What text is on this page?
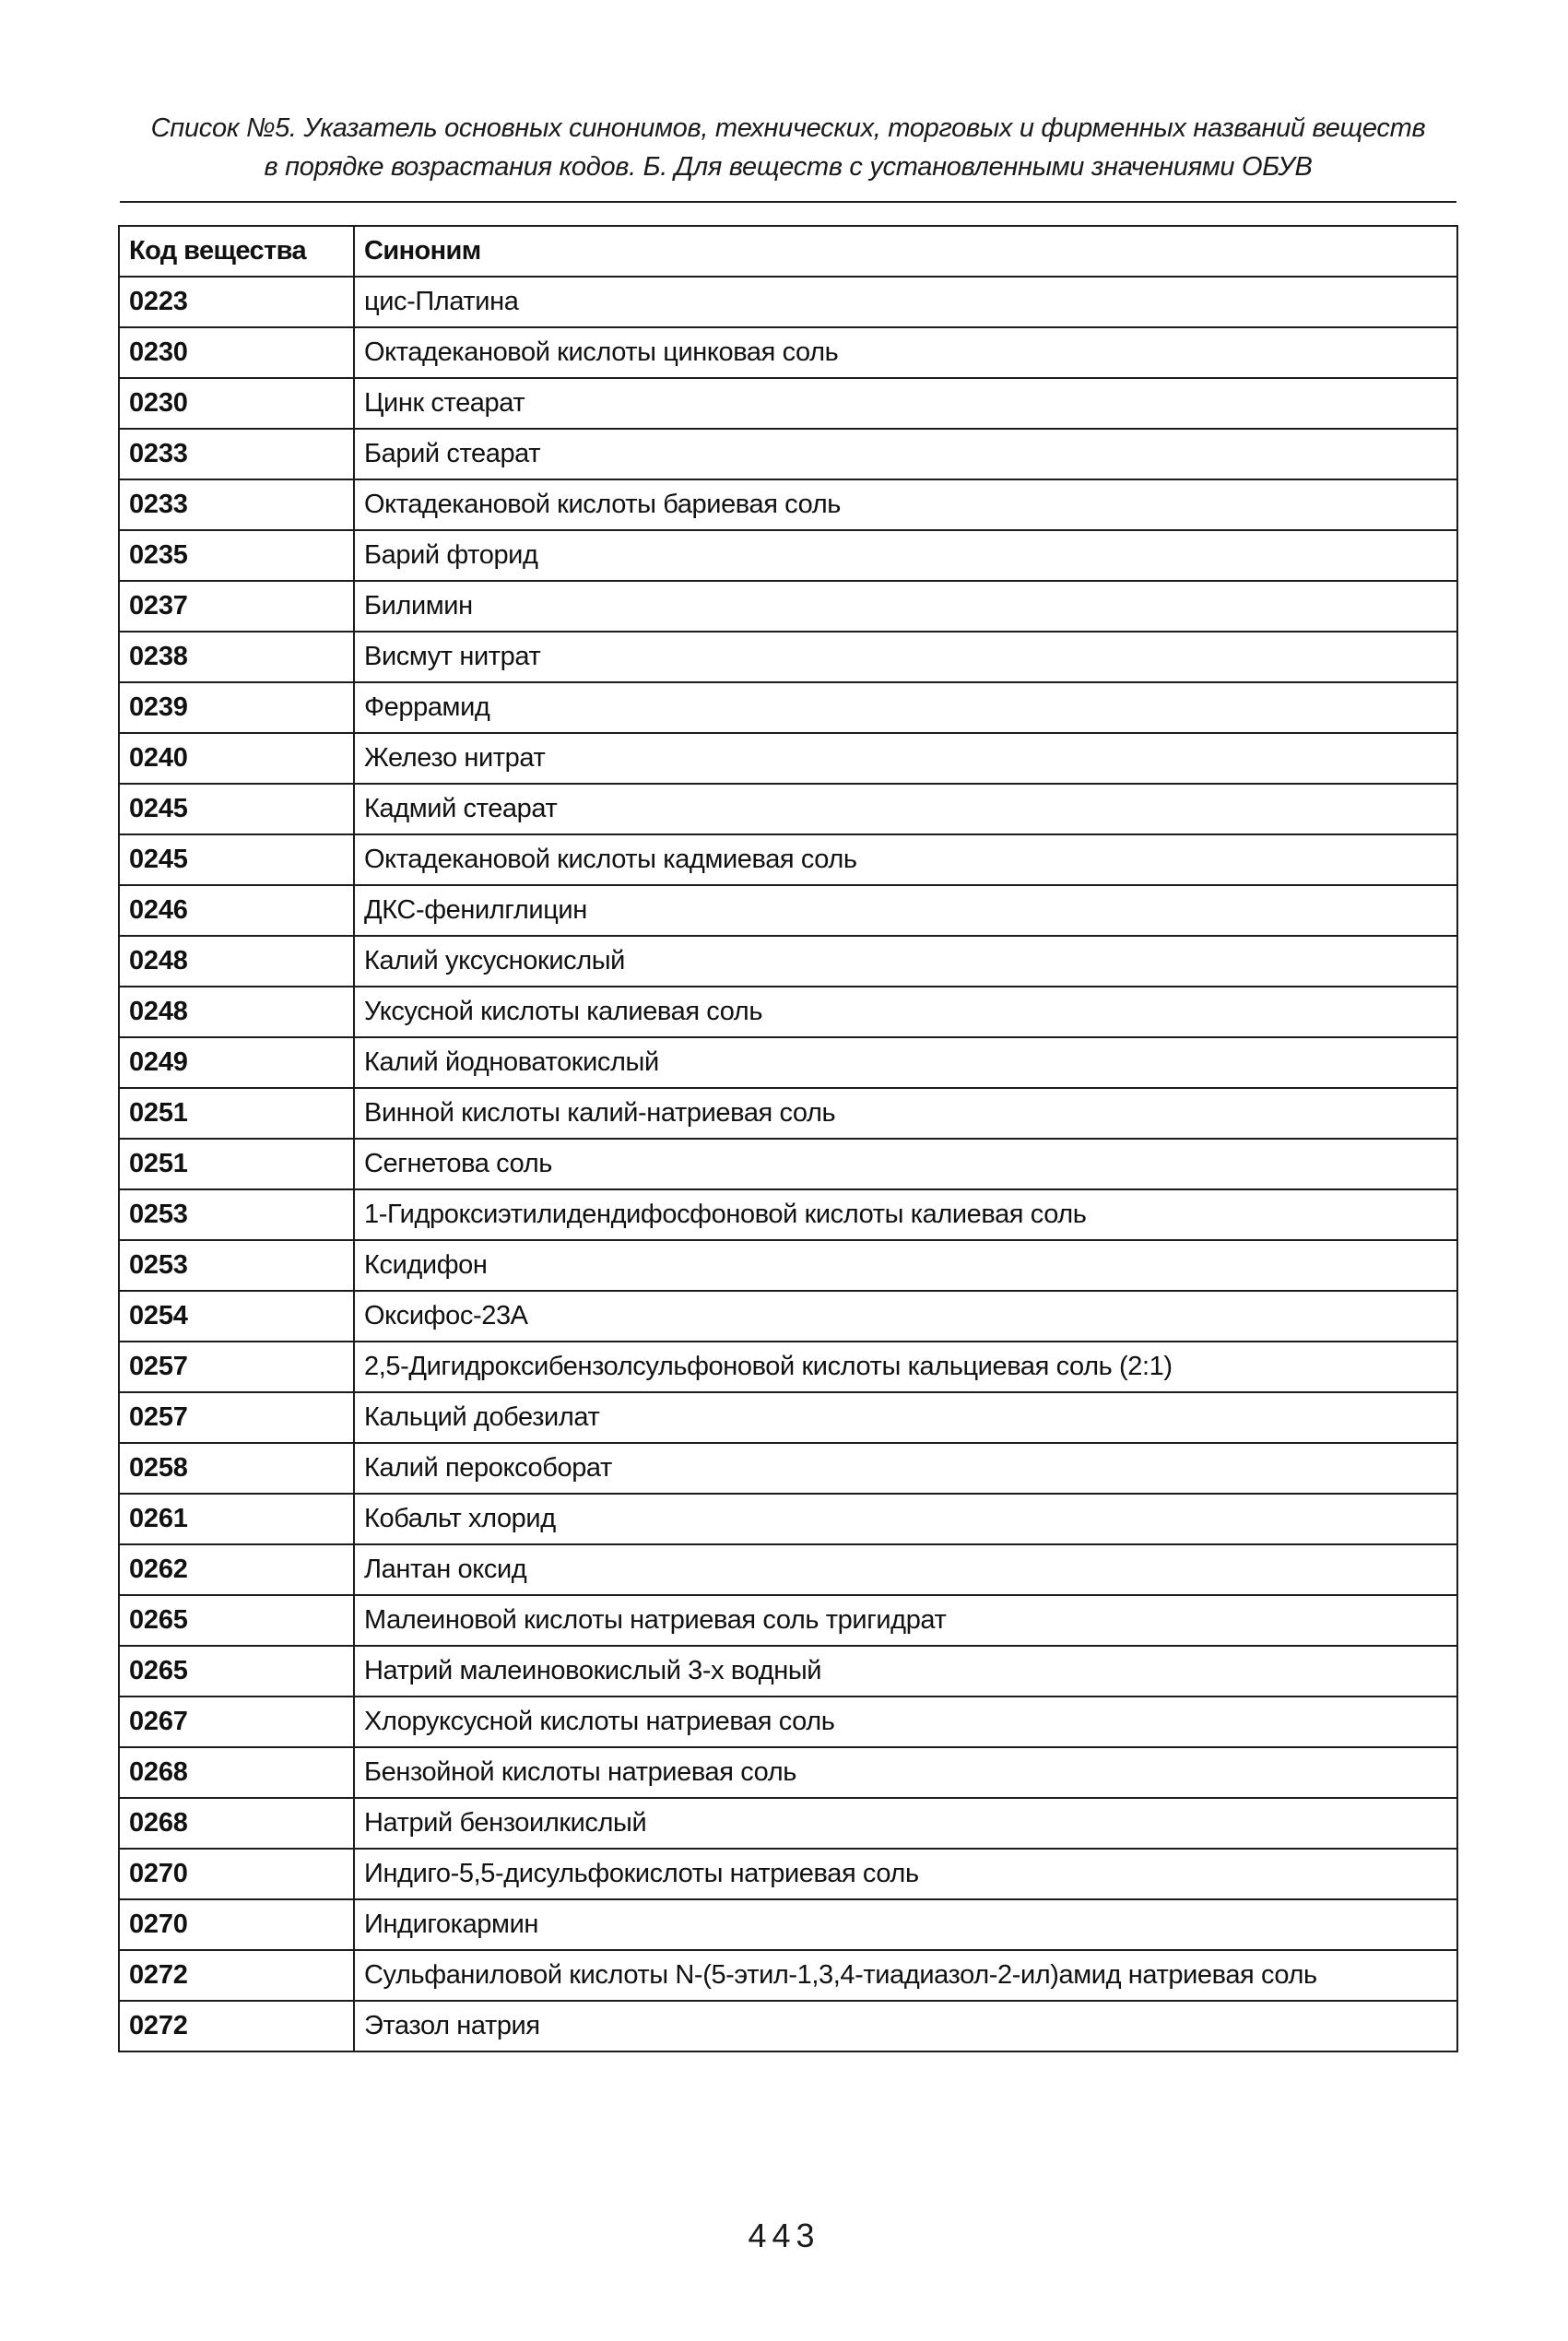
Список №5. Указатель основных синонимов, технических, торговых и фирменных названий веществ
в порядке возрастания кодов. Б. Для веществ с установленными значениями ОБУВ
Код вещества	Синоним
0223	цис-Платина
0230	Октадекановой кислоты цинковая соль
0230	Цинк стеарат
0233	Барий стеарат
0233	Октадекановой кислоты бариевая соль
0235	Барий фторид
0237	Билимин
0238	Висмут нитрат
0239	Феррамид
0240	Железо нитрат
0245	Кадмий стеарат
0245	Октадекановой кислоты кадмиевая соль
0246	ДКС-фенилглицин
0248	Калий уксуснокислый
0248	Уксусной кислоты калиевая соль
0249	Калий йодноватокислый
0251	Винной кислоты калий-натриевая соль
0251	Сегнетова соль
0253	1-Гидроксиэтилидендифосфоновой кислоты калиевая соль
0253	Ксидифон
0254	Оксифос-23А
0257	2,5-Дигидроксибензолсульфоновой кислоты кальциевая соль (2:1)
0257	Кальций добезилат
0258	Калий пероксоборат
0261	Кобальт хлорид
0262	Лантан оксид
0265	Малеиновой кислоты натриевая соль тригидрат
0265	Натрий малеиновокислый 3-х водный
0267	Хлоруксусной кислоты натриевая соль
0268	Бензойной кислоты натриевая соль
0268	Натрий бензоилкислый
0270	Индиго-5,5-дисульфокислоты натриевая соль
0270	Индигокармин
0272	Сульфаниловой кислоты N-(5-этил-1,3,4-тиадиазол-2-ил)амид натриевая соль
0272	Этазол натрия
443
